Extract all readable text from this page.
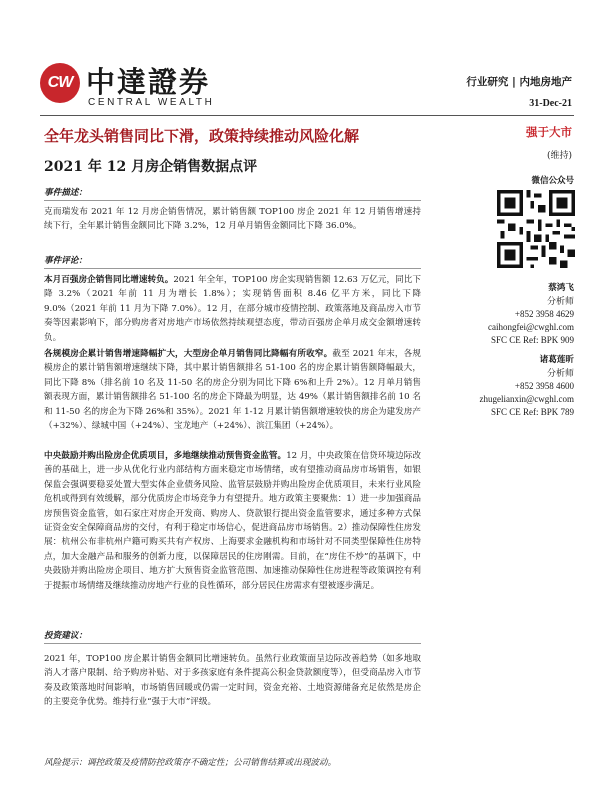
CW 中達證券
CENTRAL WEALTH
行业研究 | 内地房地产
31-Dec-21
全年龙头销售同比下滑，政策持续推动风险化解
2021 年 12 月房企销售数据点评
强于大市
(维持)
事件描述：
克而瑞发布 2021 年 12 月房企销售情况，累计销售额 TOP100 房企 2021 年 12 月销售增速持续下行，全年累计销售金额同比下降 3.2%，12 月单月销售金额同比下降 36.0%。
事件评论：
本月百强房企销售同比增速转负。2021 年全年，TOP100 房企实现销售额 12.63 万亿元，同比下降 3.2%（2021 年前 11 月为增长 1.8%）；实现销售面积 8.46 亿平方米，同比下降 9.0%（2021 年前 11 月为下降 7.0%）。12 月，在部分城市疫情控制、政策落地及商品房入市节奏等因素影响下，部分购房者对房地产市场依然持续观望态度，带动百强房企单月成交金额增速转负。
各规模房企累计销售增速降幅扩大，大型房企单月销售同比降幅有所收窄。截至 2021 年末，各规模房企的累计销售额增速继续下降，其中累计销售额排名 51-100 名的房企累计销售额降幅最大，同比下降 8%（排名前 10 名及 11-50 名的房企分别为同比下降 6%和上升 2%）。12 月单月销售额表现方面，累计销售额排名 51-100 名的房企下降最为明显，达 49%（累计销售额排名前 10 名和 11-50 名的房企为下降 26%和 35%）。2021 年 1-12 月累计销售额增速较快的房企为建发房产（+32%）、绿城中国（+24%）、宝龙地产（+24%）、滨江集团（+24%）。
中央鼓励并购出险房企优质项目，多地继续推动预售资金监管。12 月，中央政策在信贷环境边际改善的基础上，进一步从优化行业内部结构方面来稳定市场情绪，或有望推动商品房市场销售，如银保监会强调要稳妥处置大型实体企业债务风险、监管层鼓励并购出险房企优质项目，未来行业风险危机或得到有效缓解，部分优质房企市场竞争力有望提升。地方政策主要聚焦：1）进一步加强商品房预售资金监管，如石家庄对房企开发商、购房人、贷款银行提出资金监管要求，通过多种方式保证资金安全保障商品房的交付，有利于稳定市场信心，促进商品房市场销售。2）推动保障性住房发展：杭州公布非杭州户籍可购买共有产权房、上海要求金融机构和市场针对不同类型保障性住房特点，加大金融产品和服务的创新力度，以保障居民的住房刚需。目前，在“房住不炒”的基调下，中央鼓励并购出险房企项目、地方扩大预售资金监管范围、加速推动保障性住房进程等政策调控有利于提振市场情绪及继续推动房地产行业的良性循环，部分居民住房需求有望被逐步满足。
投资建议：
2021 年，TOP100 房企累计销售金额同比增速转负。虽然行业政策面呈边际改善趋势（如多地取消人才落户限制、给予购房补贴、对于多孩家庭有条件提高公积金贷款额度等），但受商品房入市节奏及政策落地时间影响，市场销售回暖或仍需一定时间，资金充裕、土地资源储备充足依然是房企的主要竞争优势。维持行业“强于大市”评级。
风险提示：调控政策及疫情防控政策存不确定性；公司销售结算或出现波动。
微信公众号
蔡鸿飞
分析师
+852 3958 4629
caihongfei@cwghl.com
SFC CE Ref: BPK 909
诸葛莲昕
分析师
+852 3958 4600
zhugelianxin@cwghl.com
SFC CE Ref: BPK 789
